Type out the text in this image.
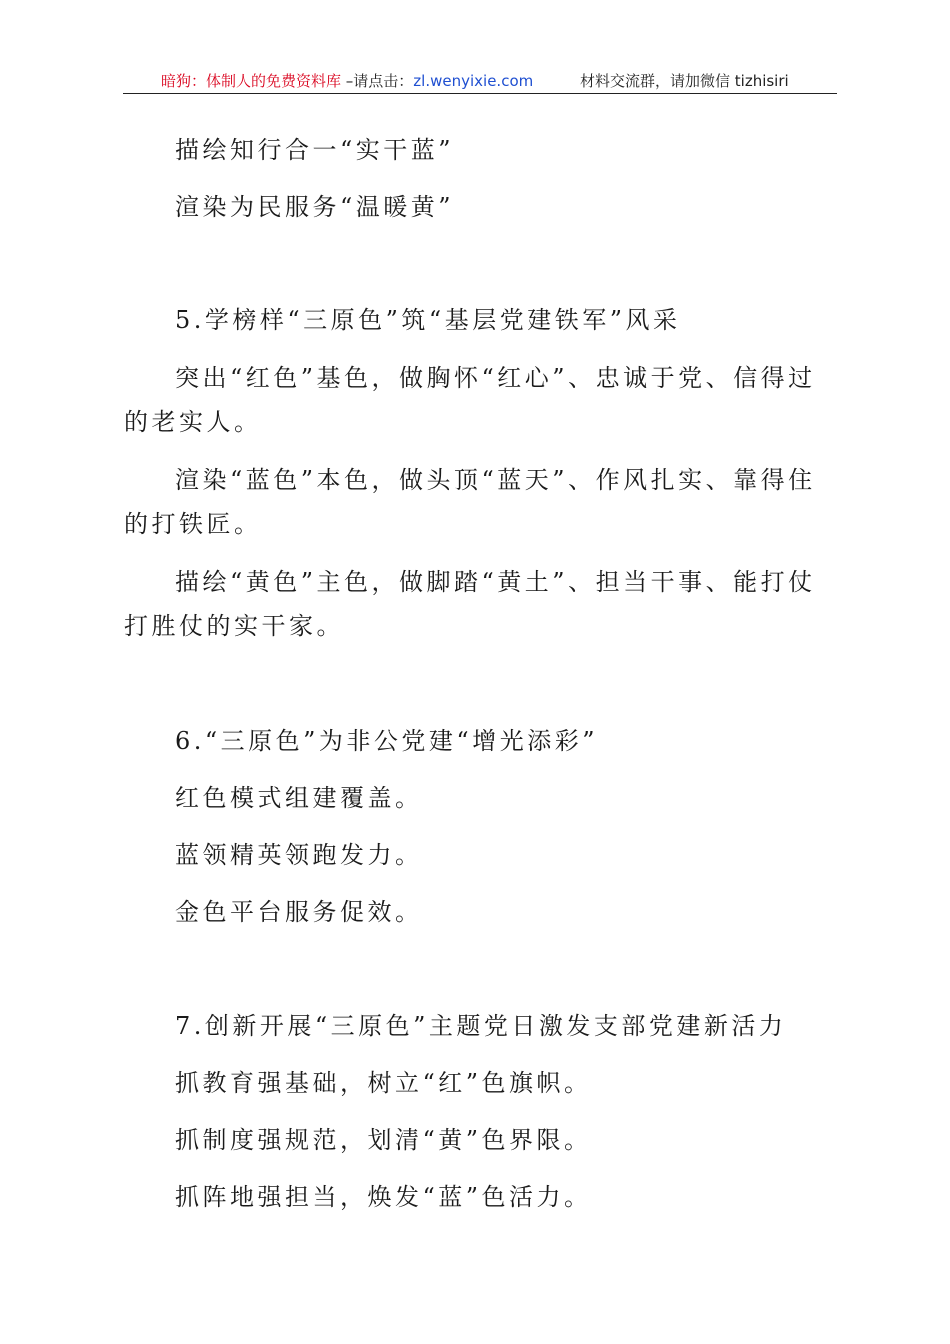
暗狗：体制人的免费资料库 –请点击：zl.wenyixie.com	材料交流群，请加微信 tizhisiri
描绘知行合一“实干蓝”
渲染为民服务“温暖黄”
5.学榜样“三原色”筑“基层党建铁军”风采
突出“红色”基色，做胸怀“红心”、忠诚于党、信得过
的老实人。
渲染“蓝色”本色，做头顶“蓝天”、作风扎实、靠得住
的打铁匠。
描绘“黄色”主色，做脚踏“黄土”、担当干事、能打仗
打胜仗的实干家。
6.“三原色”为非公党建“增光添彩”
红色模式组建覆盖。
蓝领精英领跑发力。
金色平台服务促效。
7.创新开展“三原色”主题党日激发支部党建新活力
抓教育强基础，树立“红”色旗帜。
抓制度强规范，划清“黄”色界限。
抓阵地强担当，焕发“蓝”色活力。
